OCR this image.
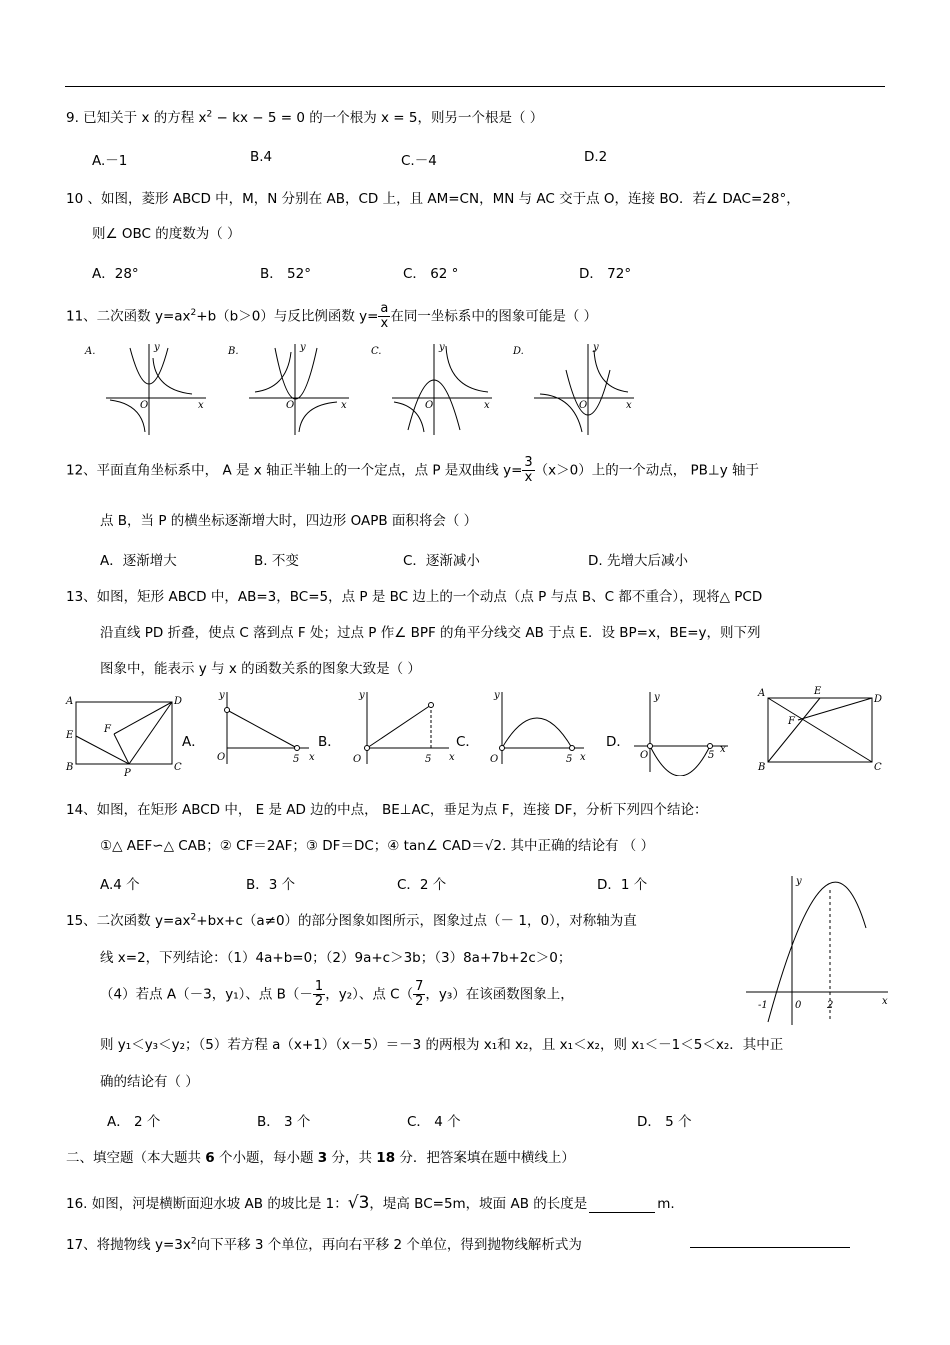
9. 已知关于 x 的方程 $x^2$ − kx − 5 = 0 的一个根为 x = 5，则另一个根是（ ）
A.－1	B.4	C.－4	D.2
10 、如图，菱形 ABCD 中，M，N 分别在 AB，CD 上，且 AM=CN，MN 与 AC 交于点 O，连接 BO．若∠ DAC=28°，
则∠ OBC 的度数为（ ）
A．28°	B． 52°	C． 62 °	D． 72°
11、二次函数 $y=ax^2+b(b>0)$与反比例函数 $y= \frac{a}{x}$ 在同一坐标系中的图象可能是（ ）
A.	y
x
O
B.	y
x
O
C.	y
x
O
D.	y
x
O
12、平面直角坐标系中， A 是 x 轴正半轴上的一个定点，点 P 是双曲线 $y= \frac{3}{x} (x>0)$上的一个动点， PB⊥y 轴于
点 B，当 P 的横坐标逐渐增大时，四边形 OAPB 面积将会（ ）
A．逐渐增大	B. 不变	C．逐渐减小	D. 先增大后减小
13、如图，矩形 ABCD 中，AB=3，BC=5，点 P 是 BC 边上的一个动点（点 P 与点 B、C 都不重合），现将△ PCD
沿直线 PD 折叠，使点 C 落到点 F 处；过点 P 作∠ BPF 的角平分线交 AB 于点 E．设 BP=x，BE=y，则下列
图象中，能表示 y 与 x 的函数关系的图象大致是（ ）
A
B	C
D
E
F
P
A．
y
x
O	5
B．
y
x
O	5
C．
y
x
O	5
D．
y
x
O	5
A
B	C
D
E
F
14、如图，在矩形 ABCD 中， E 是 AD 边的中点， BE⊥AC，垂足为点 F，连接 DF，分析下列四个结论：
①△ AEF∽△ CAB；② CF＝2AF；③ DF＝DC；④ tan∠ CAD＝√2. 其中正确的结论有 （ ）
A.4 个	B．3 个	C．2 个	D．1 个
-1	0	2	x
y
15、二次函数 $y=ax^2+bx+c(a\ne 0)$的部分图象如图所示，图象过点（－ 1，0），对称轴为直
线 x=2，下列结论：（1）4a+b=0；（2）9a+c＞3b；（3）8a+7b+2c＞0；
（4）若点 A（－3，y₁）、点 $B(- \frac{1}{2}$ ，y₂）、点 $C( \frac{7}{2}$ ，y₃）在该函数图象上，
则 y₁＜y₃＜y₂；（5）若方程 a（x+1）（x－5）＝－3 的两根为 x₁和 x₂，且 x₁＜x₂，则 x₁＜－1＜5＜x₂．其中正
确的结论有（ ）
A． 2 个	B． 3 个	C． 4 个	D． 5 个
二、填空题（本大题共 6 个小题，每小题 3 分，共 18 分．把答案填在题中横线上）
16. 如图，河堤横断面迎水坡 AB 的坡比是 1：√3，堤高 BC=5m，坡面 AB 的长度是	m.
17、将抛物线 $y=3x^2$向下平移 3 个单位，再向右平移 2 个单位，得到抛物线解析式为
